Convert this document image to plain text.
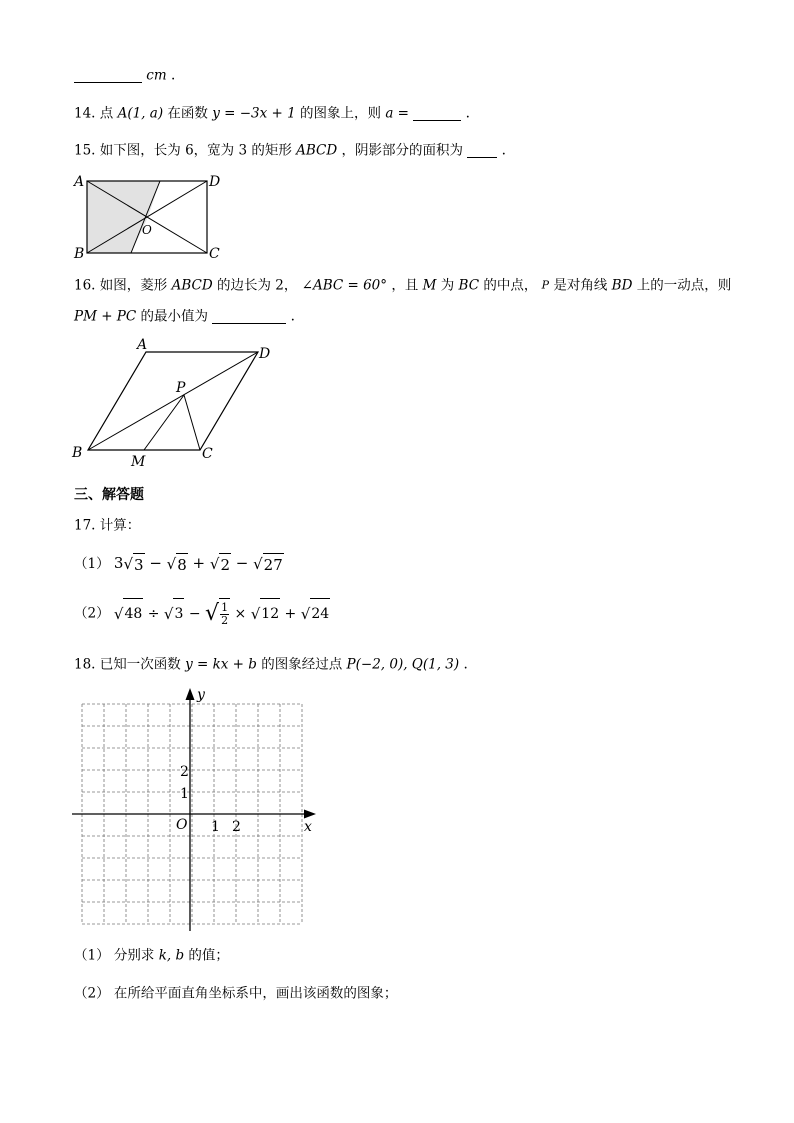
cm .
14. 点 A(1, a) 在函数 y = −3x + 1 的图象上，则 a =	.
15. 如下图，长为 6，宽为 3 的矩形 ABCD ，阴影部分的面积为	.
A	D
B	C
O
16. 如图，菱形 ABCD 的边长为 2， ∠ABC = 60° ，且 M 为 BC 的中点， P 是对角线 BD 上的一动点，则
PM + PC 的最小值为	.
A
D
B	C
M
P
三、解答题
17. 计算：
（1） 3√3 − √8 + √2 − √27
（2） √48 ÷ √3 − √ $\frac{1}{2} \times √12 + √24$
18. 已知一次函数 y = kx + b 的图象经过点 P(−2, 0), Q(1, 3) .
x
y
O 1 2
1
2
（1） 分别求 k, b 的值；
（2） 在所给平面直角坐标系中，画出该函数的图象；
